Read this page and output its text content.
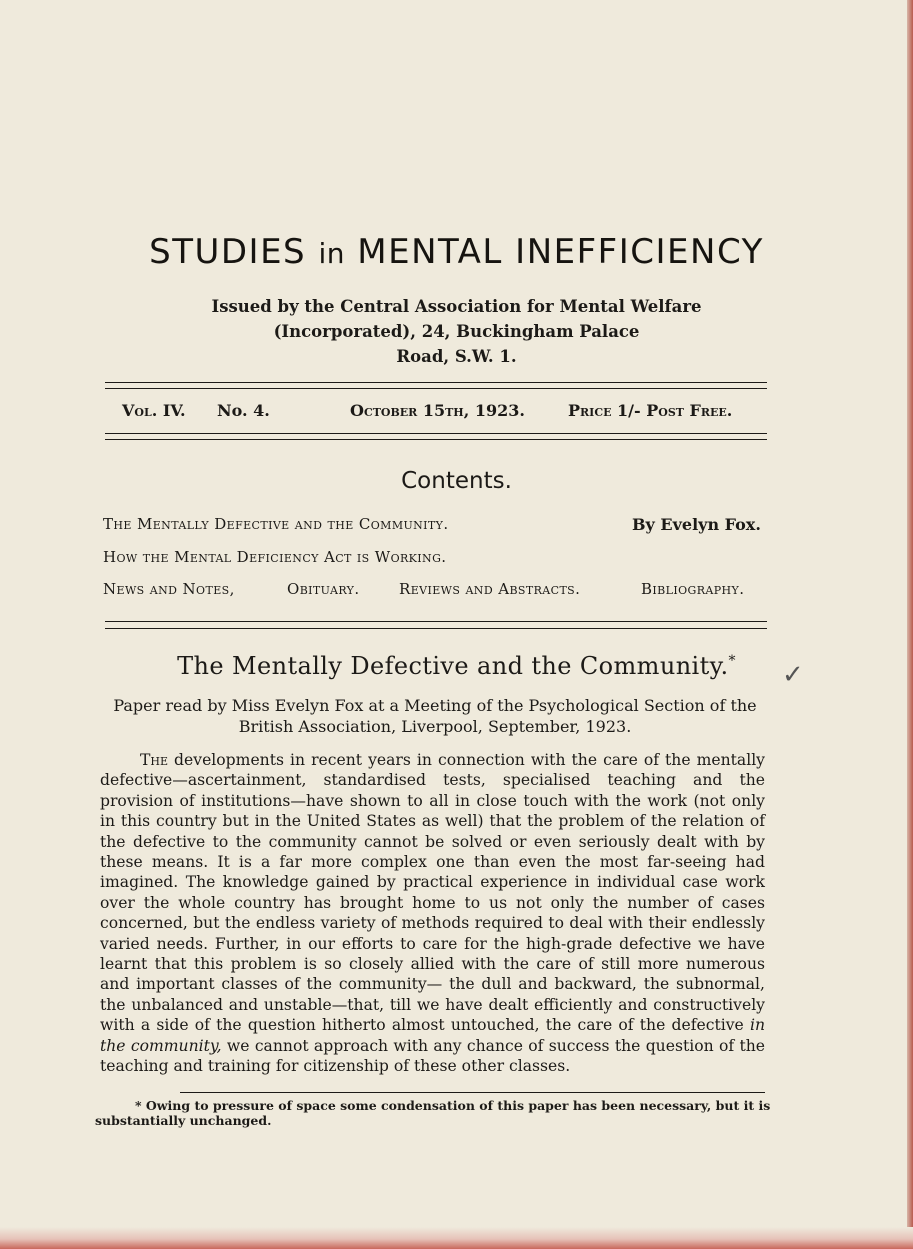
STUDIES in MENTAL INEFFICIENCY
Issued by the Central Association for Mental Welfare
(Incorporated), 24, Buckingham Palace
Road, S.W. 1.
Vol. IV. No. 4.	October 15th, 1923.	Price 1/- Post Free.
Contents.
The Mentally Defective and the Community.	By Evelyn Fox.
How the Mental Deficiency Act is Working.
News and Notes,	Obituary.	Reviews and Abstracts.	Bibliography.
The Mentally Defective and the Community.*	✓
Paper read by Miss Evelyn Fox at a Meeting of the Psychological Section of the British Association, Liverpool, September, 1923.

The developments in recent years in connection with the care of the mentally defective—ascertainment, standardised tests, specialised teaching and the provision of institutions—have shown to all in close touch with the work (not only in this country but in the United States as well) that the problem of the relation of the defective to the community cannot be solved or even seriously dealt with by these means. It is a far more complex one than even the most far-seeing had imagined. The knowledge gained by practical experience in individual case work over the whole country has brought home to us not only the number of cases concerned, but the endless variety of methods required to deal with their endlessly varied needs. Further, in our efforts to care for the high-grade defective we have learnt that this problem is so closely allied with the care of still more numerous and important classes of the community— the dull and backward, the subnormal, the unbalanced and unstable—that, till we have dealt efficiently and constructively with a side of the question hitherto almost untouched, the care of the defective in the community, we cannot approach with any chance of success the question of the teaching and training for citizenship of these other classes.

* Owing to pressure of space some condensation of this paper has been necessary, but it is substantially unchanged.
